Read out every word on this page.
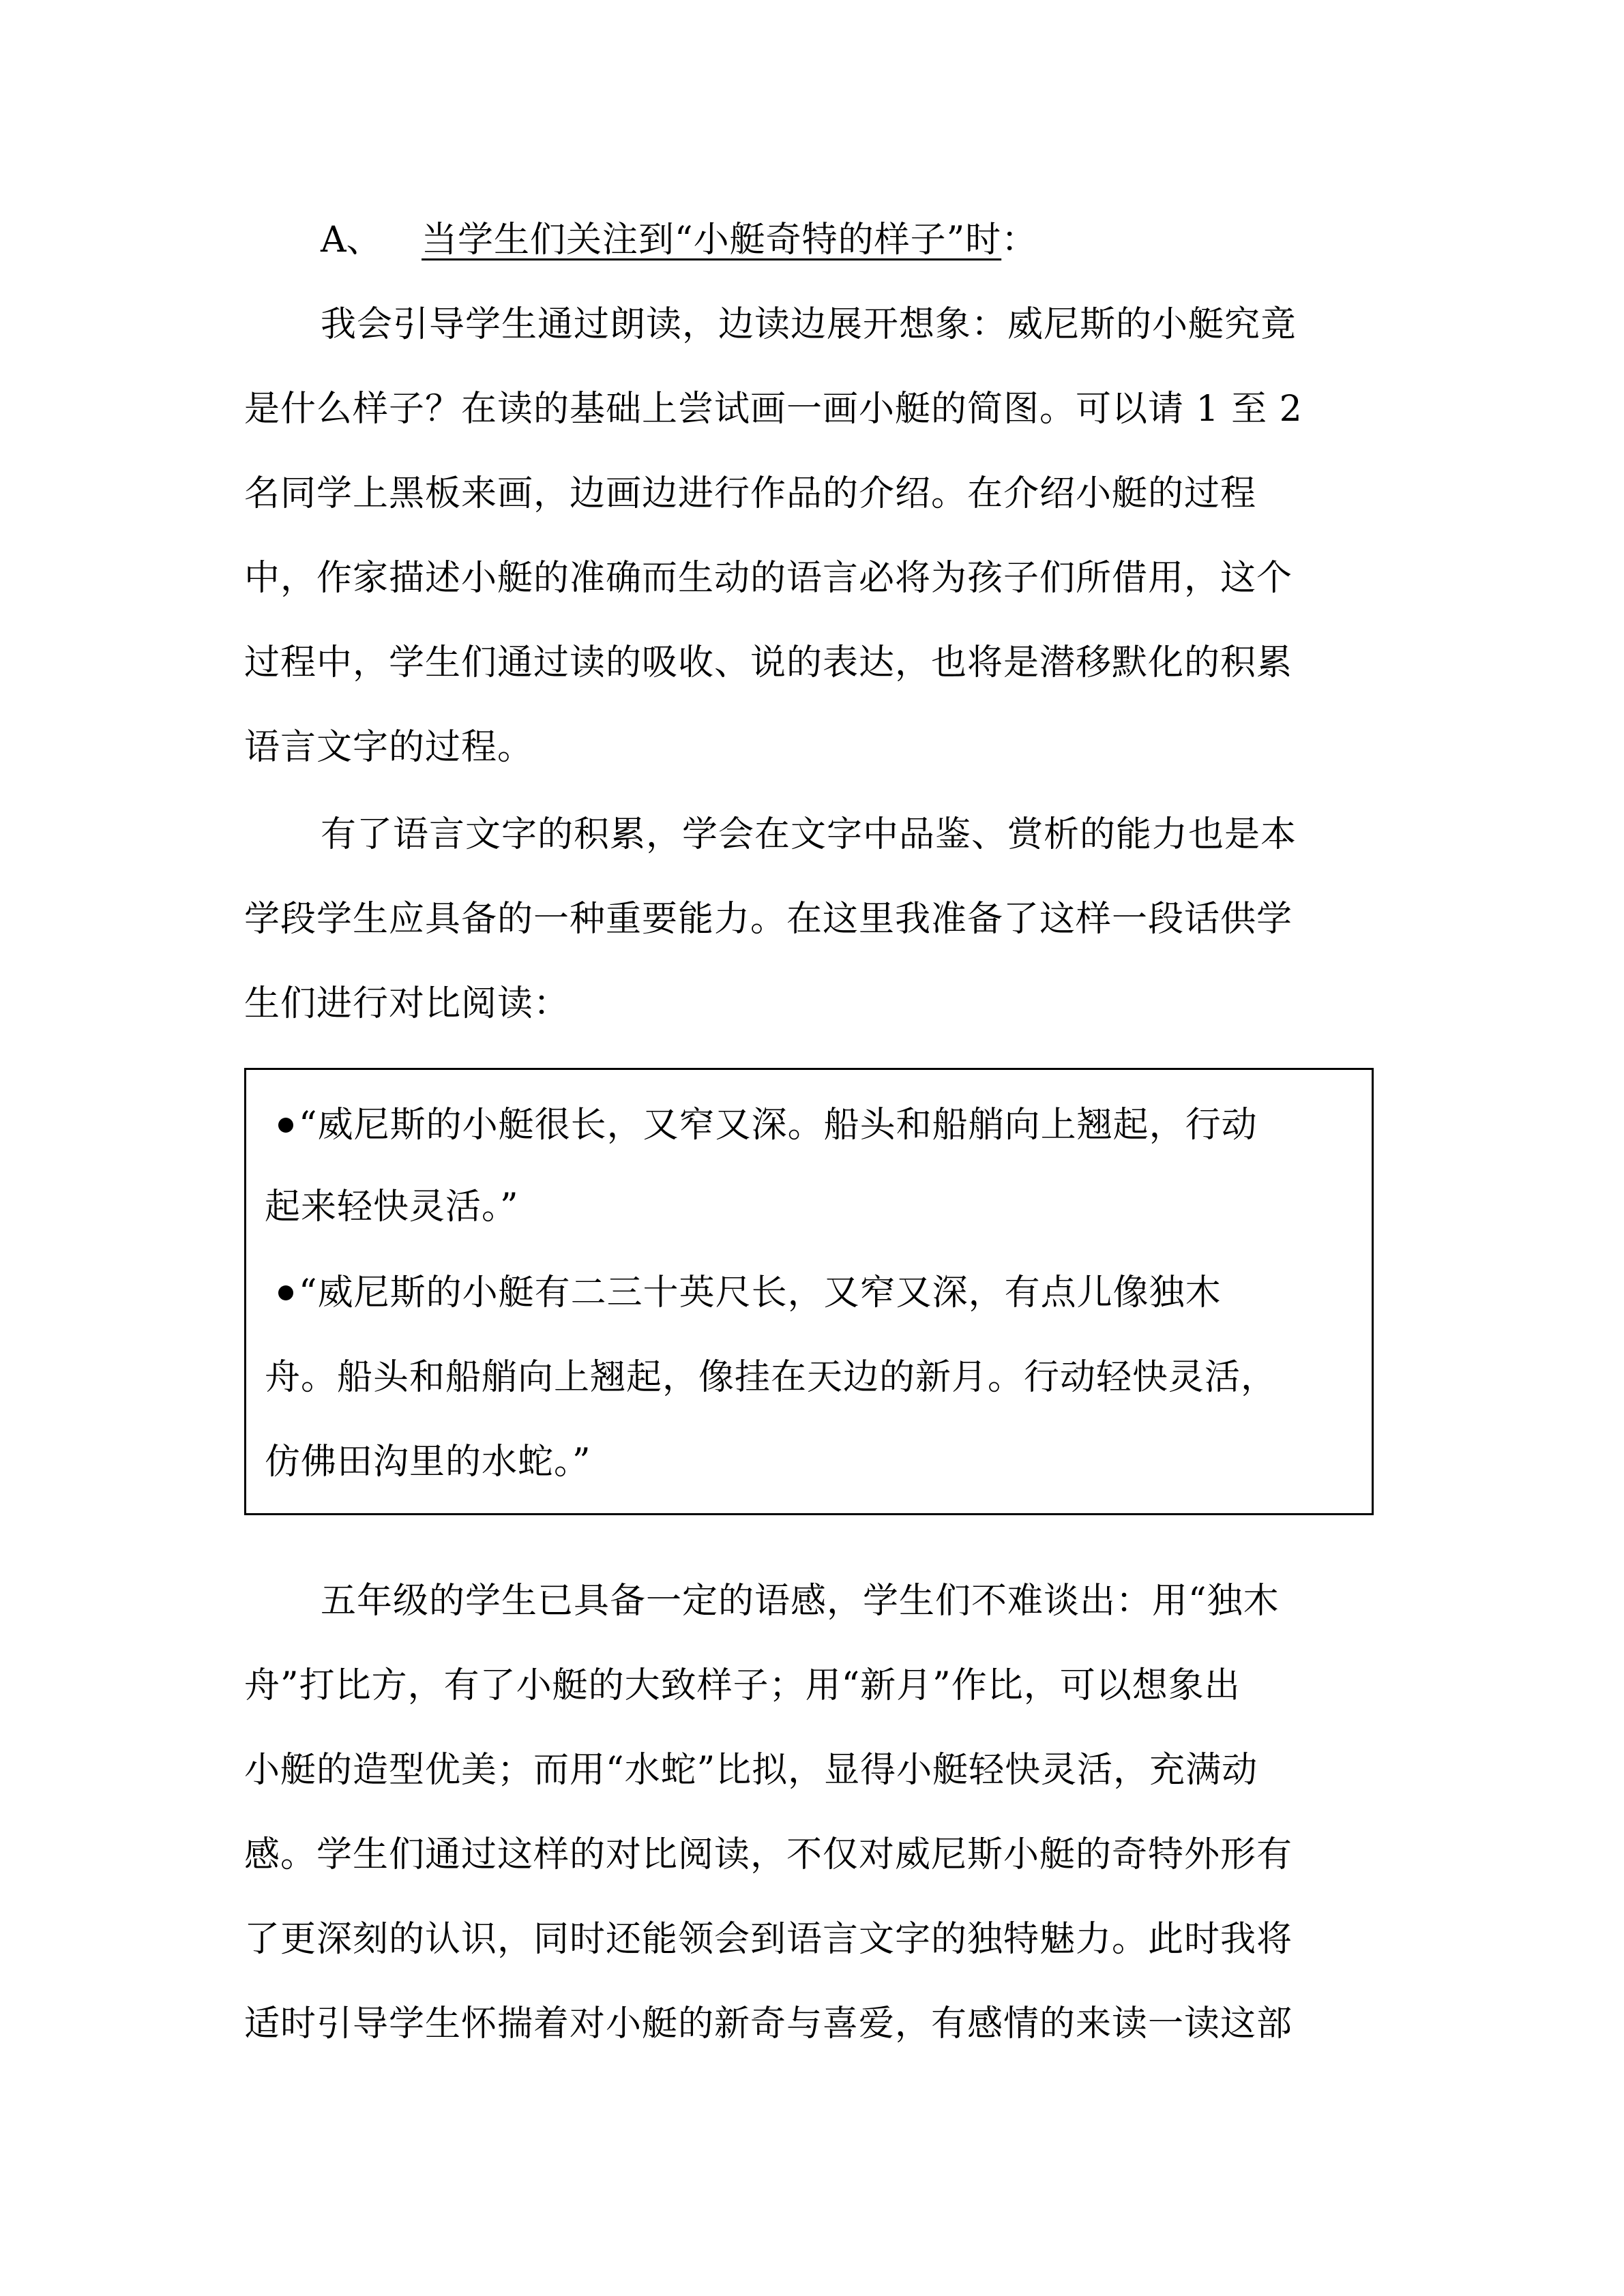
A、 当学生们关注到“小艇奇特的样子”时：
我会引导学生通过朗读，边读边展开想象：威尼斯的小艇究竟
是什么样子？在读的基础上尝试画一画小艇的简图。可以请 1 至 2
名同学上黑板来画，边画边进行作品的介绍。在介绍小艇的过程
中，作家描述小艇的准确而生动的语言必将为孩子们所借用，这个
过程中，学生们通过读的吸收、说的表达，也将是潜移默化的积累
语言文字的过程。
有了语言文字的积累，学会在文字中品鉴、赏析的能力也是本
学段学生应具备的一种重要能力。在这里我准备了这样一段话供学
生们进行对比阅读：
“威尼斯的小艇很长，又窄又深。船头和船艄向上翘起，行动
起来轻快灵活。”
“威尼斯的小艇有二三十英尺长，又窄又深，有点儿像独木
舟。船头和船艄向上翘起，像挂在天边的新月。行动轻快灵活，
仿佛田沟里的水蛇。”
五年级的学生已具备一定的语感，学生们不难谈出：用“独木
舟”打比方，有了小艇的大致样子；用“新月”作比，可以想象出
小艇的造型优美；而用“水蛇”比拟，显得小艇轻快灵活，充满动
感。学生们通过这样的对比阅读，不仅对威尼斯小艇的奇特外形有
了更深刻的认识，同时还能领会到语言文字的独特魅力。此时我将
适时引导学生怀揣着对小艇的新奇与喜爱，有感情的来读一读这部
